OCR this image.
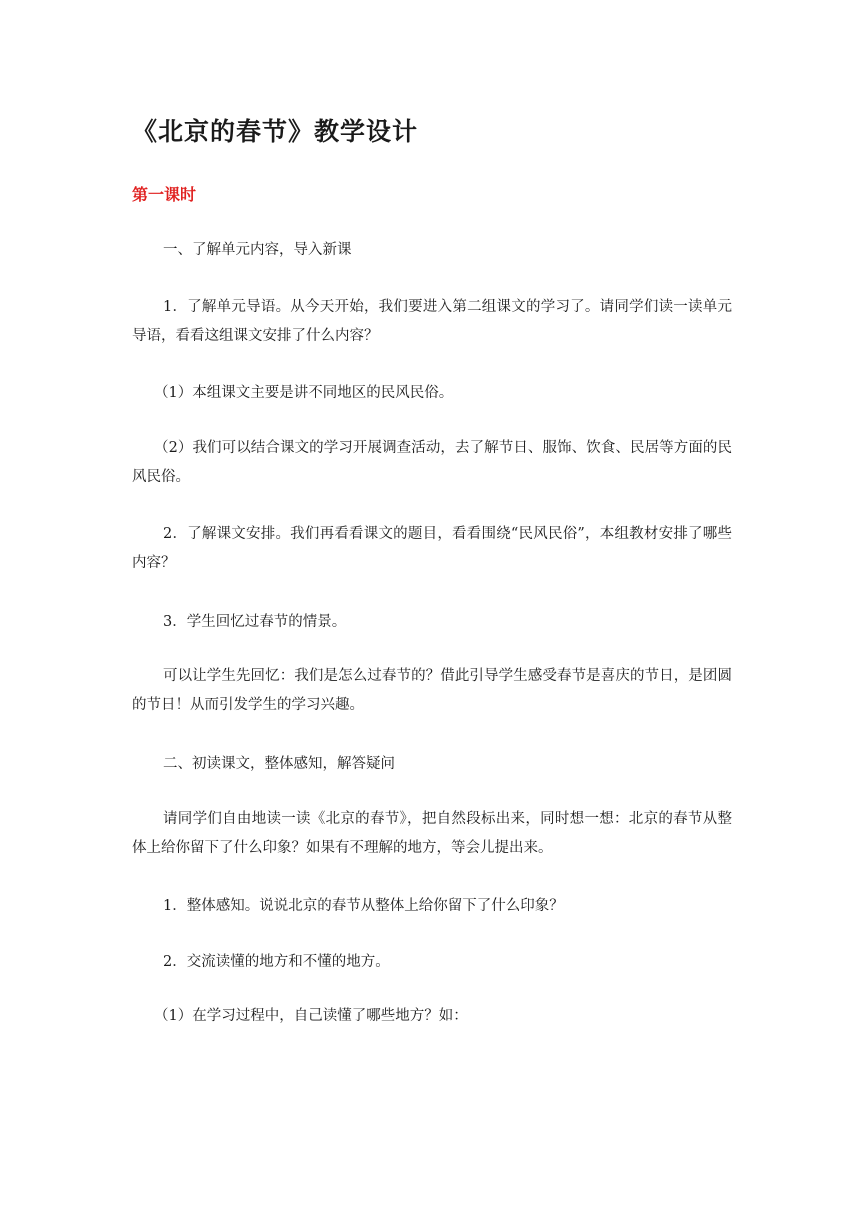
《北京的春节》教学设计
第一课时

一、了解单元内容，导入新课

1．了解单元导语。从今天开始，我们要进入第二组课文的学习了。请同学们读一读单元导语，看看这组课文安排了什么内容？

（1）本组课文主要是讲不同地区的民风民俗。

（2）我们可以结合课文的学习开展调查活动，去了解节日、服饰、饮食、民居等方面的民风民俗。

2．了解课文安排。我们再看看课文的题目，看看围绕“民风民俗”，本组教材安排了哪些内容？

3．学生回忆过春节的情景。

可以让学生先回忆：我们是怎么过春节的？借此引导学生感受春节是喜庆的节日，是团圆的节日！从而引发学生的学习兴趣。

二、初读课文，整体感知，解答疑问

请同学们自由地读一读《北京的春节》，把自然段标出来，同时想一想：北京的春节从整体上给你留下了什么印象？如果有不理解的地方，等会儿提出来。

1．整体感知。说说北京的春节从整体上给你留下了什么印象？

2．交流读懂的地方和不懂的地方。

（1）在学习过程中，自己读懂了哪些地方？如：
